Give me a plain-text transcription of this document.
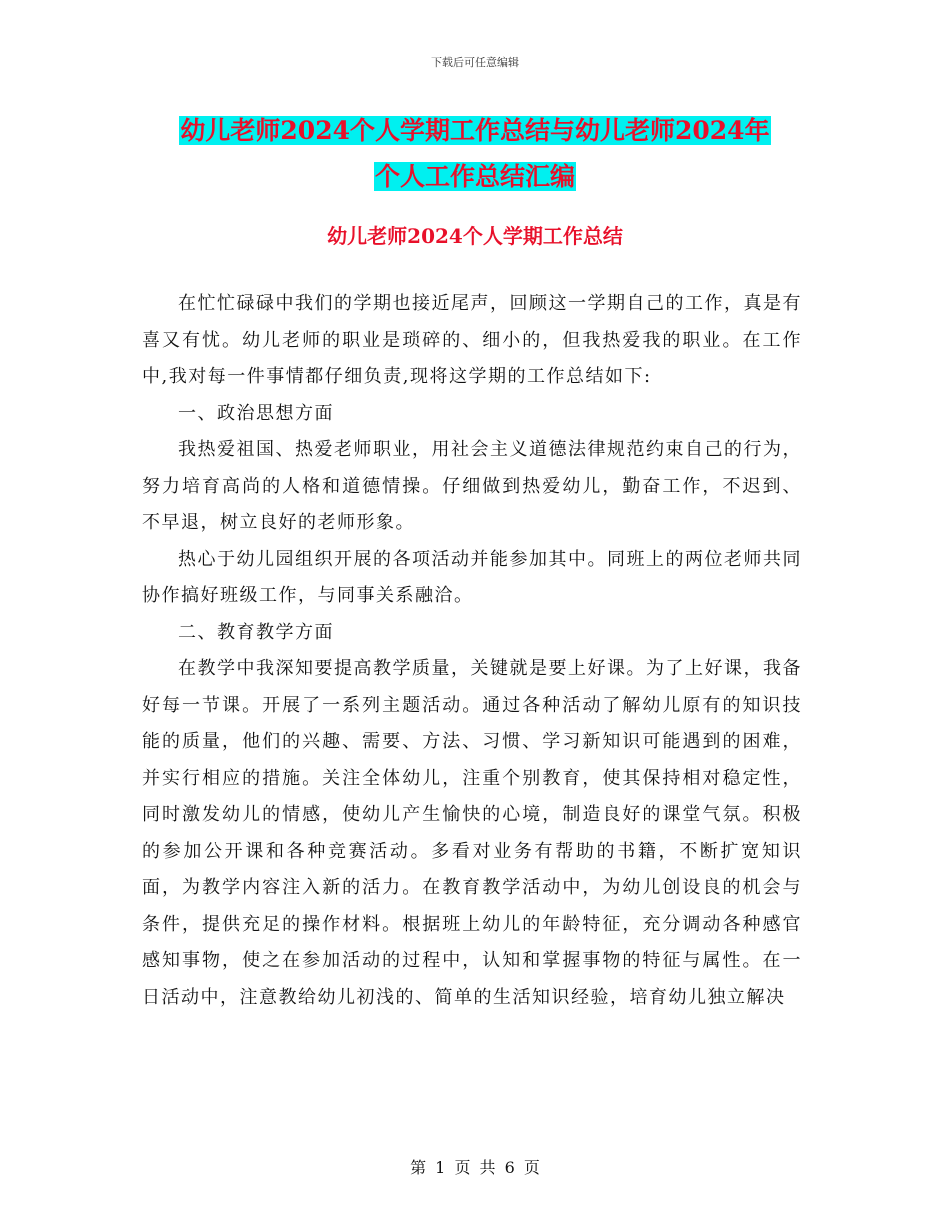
下载后可任意编辑
幼儿老师2024个人学期工作总结与幼儿老师2024年
个人工作总结汇编
幼儿老师2024个人学期工作总结

在忙忙碌碌中我们的学期也接近尾声，回顾这一学期自己的工作，真是有喜又有忧。幼儿老师的职业是琐碎的、细小的，但我热爱我的职业。在工作中,我对每一件事情都仔细负责,现将这学期的工作总结如下:

一、政治思想方面

我热爱祖国、热爱老师职业，用社会主义道德法律规范约束自己的行为，努力培育高尚的人格和道德情操。仔细做到热爱幼儿，勤奋工作，不迟到、不早退，树立良好的老师形象。

热心于幼儿园组织开展的各项活动并能参加其中。同班上的两位老师共同协作搞好班级工作，与同事关系融洽。

二、教育教学方面

在教学中我深知要提高教学质量，关键就是要上好课。为了上好课，我备好每一节课。开展了一系列主题活动。通过各种活动了解幼儿原有的知识技能的质量，他们的兴趣、需要、方法、习惯、学习新知识可能遇到的困难，并实行相应的措施。关注全体幼儿，注重个别教育，使其保持相对稳定性，同时激发幼儿的情感，使幼儿产生愉快的心境，制造良好的课堂气氛。积极的参加公开课和各种竞赛活动。多看对业务有帮助的书籍，不断扩宽知识面，为教学内容注入新的活力。在教育教学活动中，为幼儿创设良的机会与条件，提供充足的操作材料。根据班上幼儿的年龄特征，充分调动各种感官感知事物，使之在参加活动的过程中，认知和掌握事物的特征与属性。在一日活动中，注意教给幼儿初浅的、简单的生活知识经验，培育幼儿独立解决

第 1 页 共 6 页
